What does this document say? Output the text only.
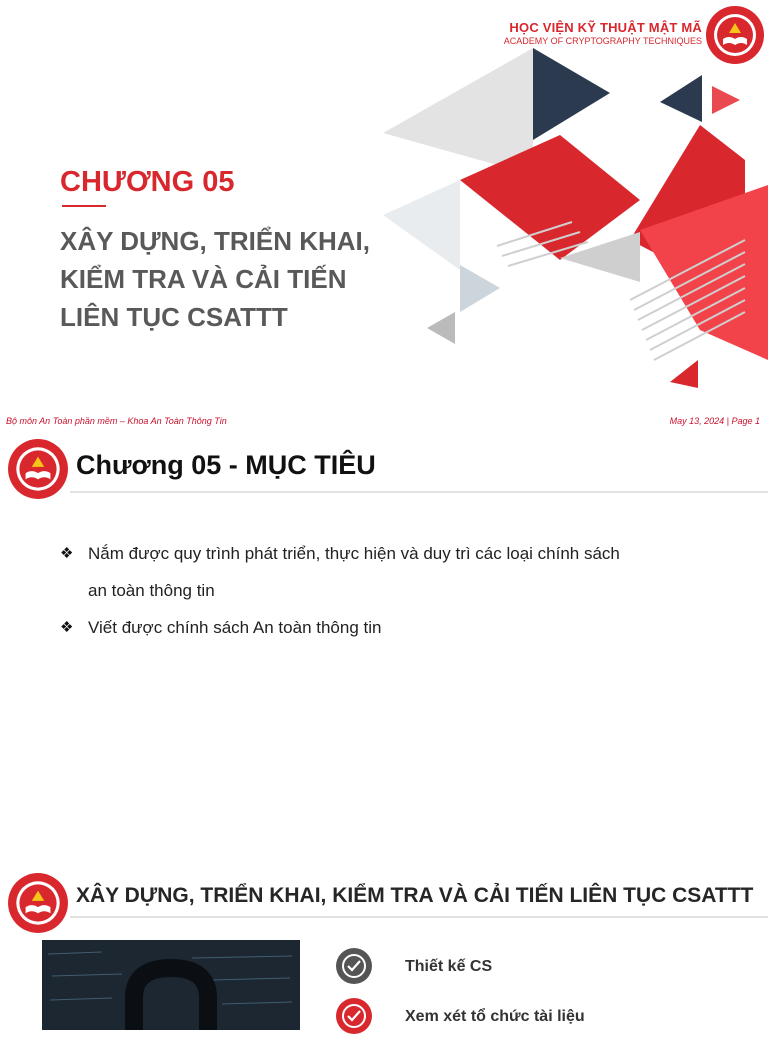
HỌC VIỆN KỸ THUẬT MẬT MÃ
ACADEMY OF CRYPTOGRAPHY TECHNIQUES
CHƯƠNG 05
XÂY DỰNG, TRIỂN KHAI,
KIỂM TRA VÀ CẢI TIẾN
LIÊN TỤC CSATTT
Bộ môn An Toàn phần mềm – Khoa An Toàn Thông Tin	May 13, 2024 | Page 1
Chương 05 - MỤC TIÊU
❖ Nắm được quy trình phát triển, thực hiện và duy trì các loại chính sách
an toàn thông tin
❖ Viết được chính sách An toàn thông tin
XÂY DỰNG, TRIỂN KHAI, KIỂM TRA VÀ CẢI TIẾN LIÊN TỤC CSATTT
Thiết kế CS
Xem xét tổ chức tài liệu
